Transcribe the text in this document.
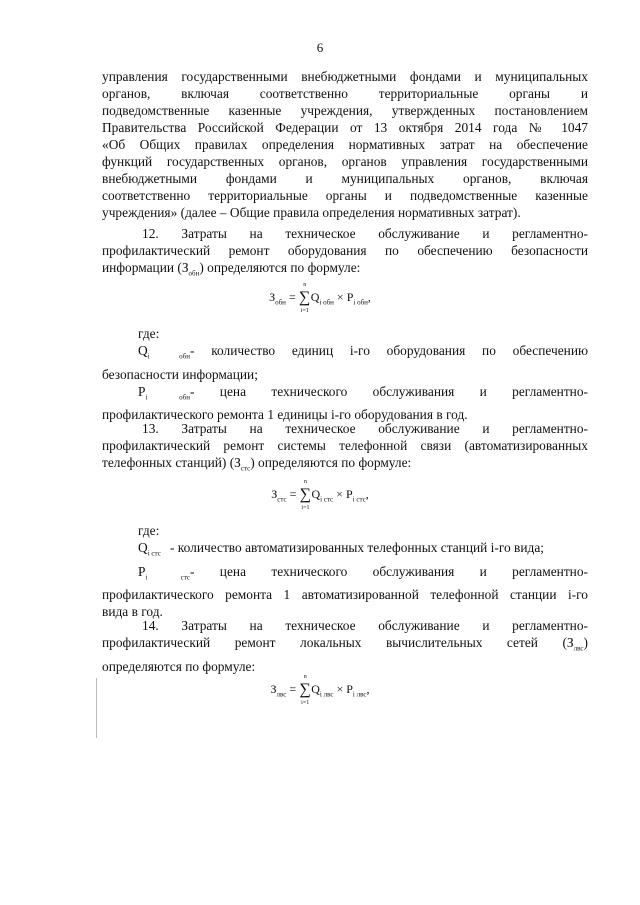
6
управления государственными внебюджетными фондами и муниципальных
органов, включая соответственно территориальные органы и
подведомственные казенные учреждения, утвержденных постановлением
Правительства Российской Федерации от 13 октября 2014 года № 1047
«Об Общих правилах определения нормативных затрат на обеспечение
функций государственных органов, органов управления государственными
внебюджетными фондами и муниципальных органов, включая
соответственно территориальные органы и подведомственные казенные
учреждения» (далее – Общие правила определения нормативных затрат).
12. Затраты на техническое обслуживание и регламентно-
профилактический ремонт оборудования по обеспечению безопасности
информации $(З_{обн})$ определяются по формуле:
$З_{обн}$ =
n
∑
i=1
$Q_{i обн} \times P_{i обн}$,
где:
$Q_{i обн}-$ количество единиц i-го оборудования по обеспечению
безопасности информации;
$P_{i обн}-$ цена технического обслуживания и регламентно-
профилактического ремонта 1 единицы i-го оборудования в год.
13. Затраты на техническое обслуживание и регламентно-
профилактический ремонт системы телефонной связи (автоматизированных
телефонных станций) $(З_{стс})$ определяются по формуле:
$З_{стс}$ =
n
∑
i=1
$Q_{i стс} \times P_{i стс}$,
где:
$Q_{i стс}$ - количество автоматизированных телефонных станций i-го вида;
$P_{i стс}-$ цена технического обслуживания и регламентно-
профилактического ремонта 1 автоматизированной телефонной станции i-го
вида в год.
14. Затраты на техническое обслуживание и регламентно-
профилактический ремонт локальных вычислительных сетей $(З_{лвс})$
определяются по формуле:
$З_{лвс}$ =
n
∑
i=1
$Q_{i лвс} \times P_{i лвс}$,
